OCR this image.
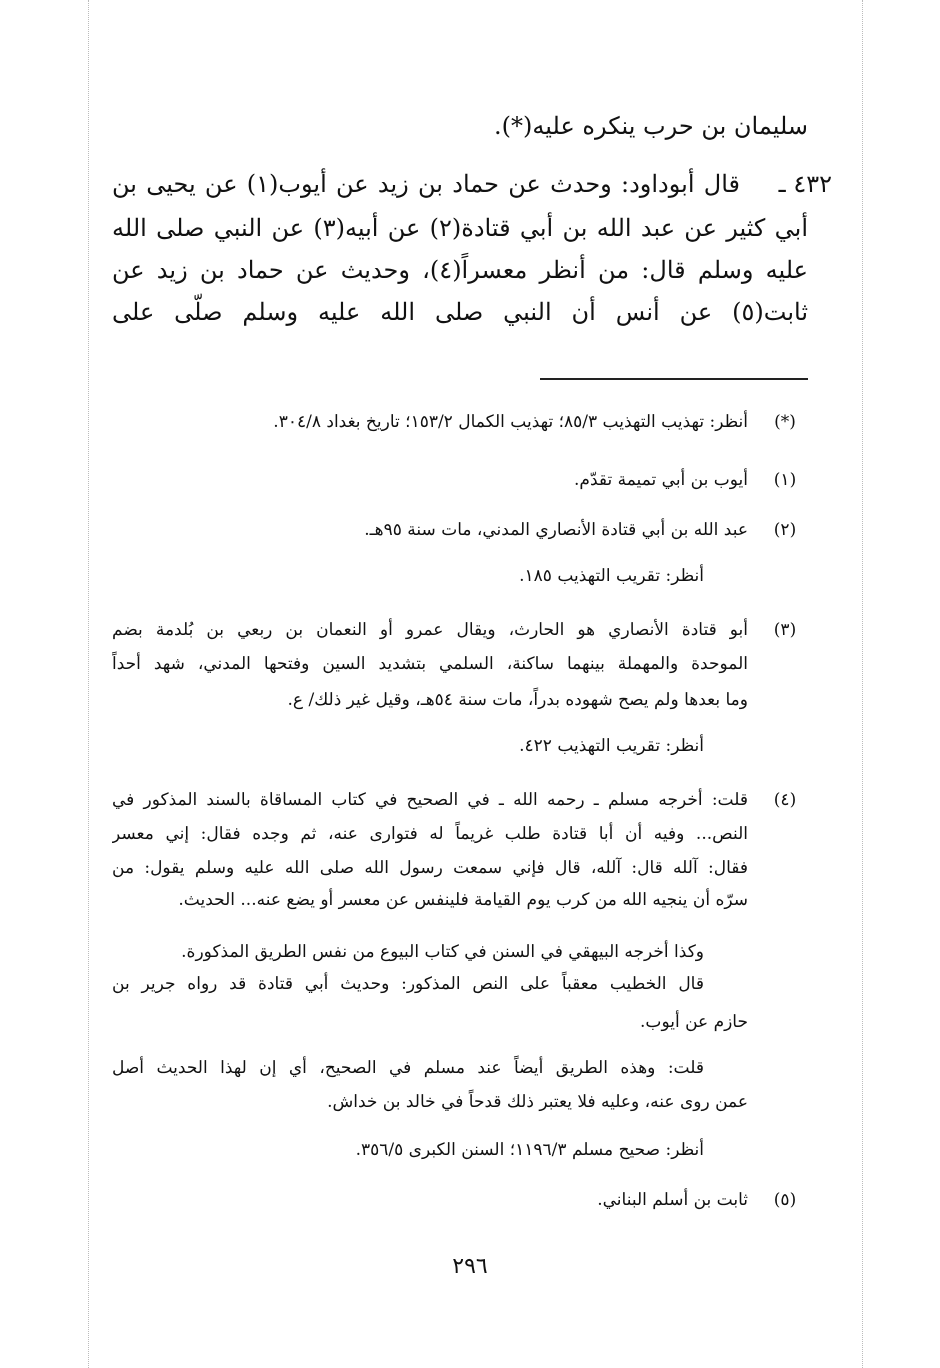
سليمان بن حرب ينكره عليه(*).
٤٣٢ ـ
قال أبوداود: وحدث عن حماد بن زيد عن أيوب(١) عن يحيى بن
أبي كثير عن عبد الله بن أبي قتادة(٢) عن أبيه(٣) عن النبي صلى الله
عليه وسلم قال: من أنظر معسراً(٤)، وحديث عن حماد بن زيد عن
ثابت(٥) عن أنس أن النبي صلى الله عليه وسلم صلّى على
(*)
أنظر: تهذيب التهذيب ٨٥/٣؛ تهذيب الكمال ١٥٣/٢؛ تاريخ بغداد ٣٠٤/٨.
(١)
أيوب بن أبي تميمة تقدّم.
(٢)
عبد الله بن أبي قتادة الأنصاري المدني، مات سنة ٩٥هـ.
أنظر: تقريب التهذيب ١٨٥.
(٣)
أبو قتادة الأنصاري هو الحارث، ويقال عمرو أو النعمان بن ربعي بن بُلدمة بضم
الموحدة والمهملة بينهما ساكنة، السلمي بتشديد السين وفتحها المدني، شهد أحداً
وما بعدها ولم يصح شهوده بدراً، مات سنة ٥٤هـ، وقيل غير ذلك/ ع.
أنظر: تقريب التهذيب ٤٢٢.
(٤)
قلت: أخرجه مسلم ـ رحمه الله ـ في الصحيح في كتاب المساقاة بالسند المذكور في
النص... وفيه أن أبا قتادة طلب غريماً له فتوارى عنه، ثم وجده فقال: إني معسر
فقال: آلله قال: آلله، قال فإني سمعت رسول الله صلى الله عليه وسلم يقول: من
سرّه أن ينجيه الله من كرب يوم القيامة فلينفس عن معسر أو يضع عنه... الحديث.
وكذا أخرجه البيهقي في السنن في كتاب البيوع من نفس الطريق المذكورة.
قال الخطيب معقباً على النص المذكور: وحديث أبي قتادة قد رواه جرير بن
حازم عن أيوب.
قلت: وهذه الطريق أيضاً عند مسلم في الصحيح، أي إن لهذا الحديث أصل
عمن روى عنه، وعليه فلا يعتبر ذلك قدحاً في خالد بن خداش.
أنظر: صحيح مسلم ١١٩٦/٣؛ السنن الكبرى ٣٥٦/٥.
(٥)
ثابت بن أسلم البناني.
٢٩٦
